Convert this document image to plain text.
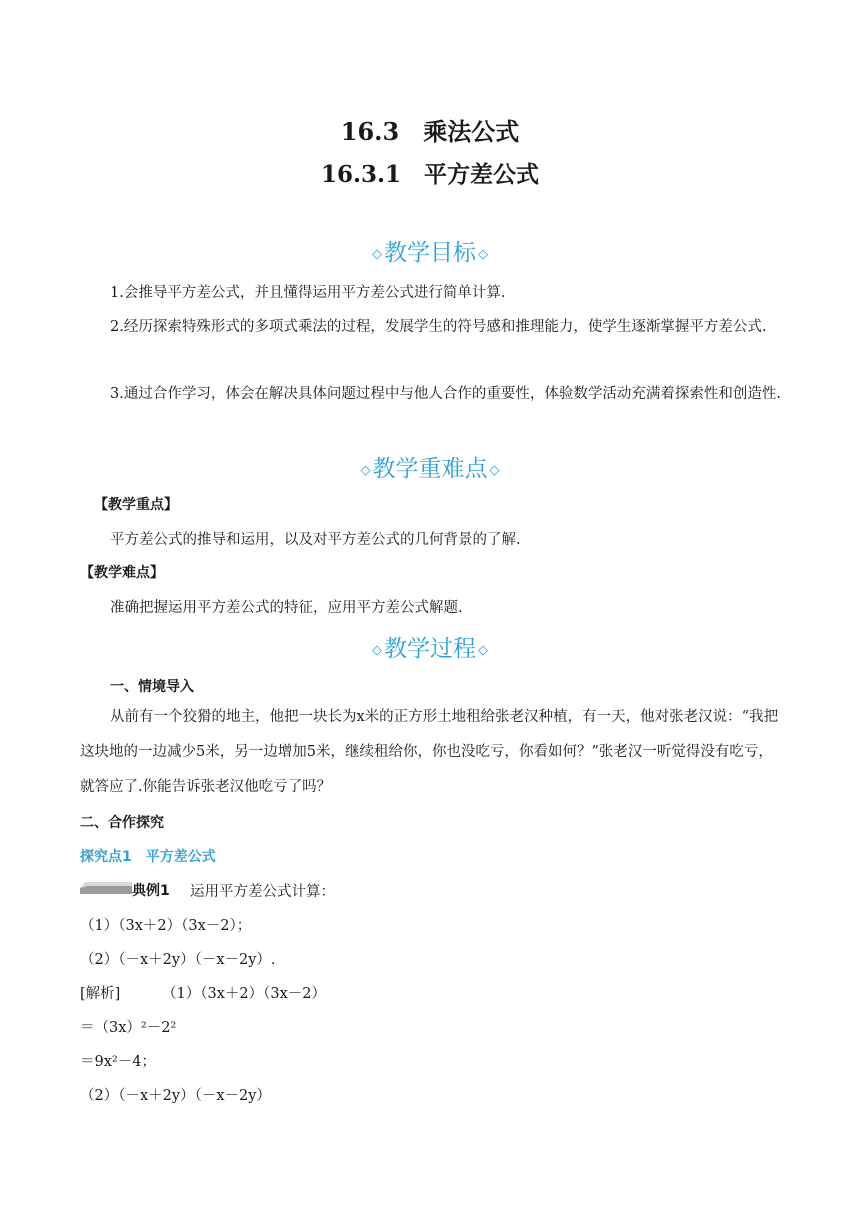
16.3　乘法公式
16.3.1　平方差公式
◇教学目标 ◇
1.会推导平方差公式，并且懂得运用平方差公式进行简单计算.
2.经历探索特殊形式的多项式乘法的过程，发展学生的符号感和推理能力，使学生逐渐掌握平方差公式.
3.通过合作学习，体会在解决具体问题过程中与他人合作的重要性，体验数学活动充满着探索性和创造性.
◇教学重难点 ◇
【教学重点】
平方差公式的推导和运用，以及对平方差公式的几何背景的了解.
【教学难点】
准确把握运用平方差公式的特征，应用平方差公式解题.
◇教学过程 ◇
一、情境导入
从前有一个狡猾的地主，他把一块长为x米的正方形土地租给张老汉种植，有一天，他对张老汉说：“我把这块地的一边减少5米，另一边增加5米，继续租给你，你也没吃亏，你看如何？”张老汉一听觉得没有吃亏，就答应了.你能告诉张老汉他吃亏了吗？
二、合作探究
探究点1　平方差公式
典例1 运用平方差公式计算：
（1）（3x＋2）（3x－2）；
（2）（－x＋2y）（－x－2y）.
[解析]	（1）（3x＋2）（3x－2）
＝（3x）²－2²
＝9x²－4；
（2）（－x＋2y）（－x－2y）
